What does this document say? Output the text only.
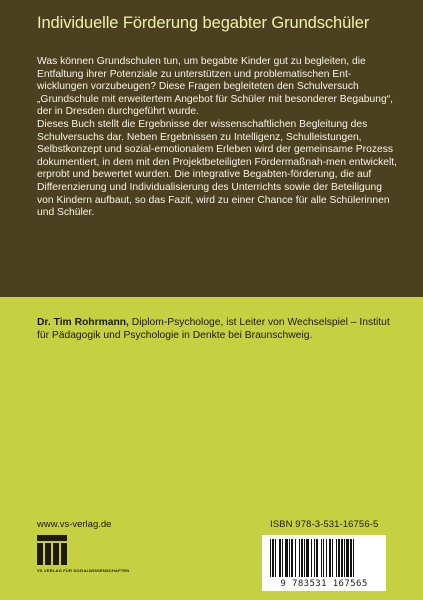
Individuelle Förderung begabter Grundschüler

Was können Grundschulen tun, um begabte Kinder gut zu begleiten, die Entfaltung ihrer Potenziale zu unterstützen und problematischen Ent-wicklungen vorzubeugen? Diese Fragen begleiteten den Schulversuch „Grundschule mit erweitertem Angebot für Schüler mit besonderer Begabung“, der in Dresden durchgeführt wurde.

Dieses Buch stellt die Ergebnisse der wissenschaftlichen Begleitung des Schulversuchs dar. Neben Ergebnissen zu Intelligenz, Schulleistungen, Selbstkonzept und sozial-emotionalem Erleben wird der gemeinsame Prozess dokumentiert, in dem mit den Projektbeteiligten Fördermaßnah-men entwickelt, erprobt und bewertet wurden. Die integrative Begabten-förderung, die auf Differenzierung und Individualisierung des Unterrichts sowie der Beteiligung von Kindern aufbaut, so das Fazit, wird zu einer Chance für alle Schülerinnen und Schüler.

Dr. Tim Rohrmann, Diplom-Psychologe, ist Leiter von Wechselspiel – Institut für Pädagogik und Psychologie in Denkte bei Braunschweig.
www.vs-verlag.de	ISBN 978-3-531-16756-5
VS VERLAG FÜR SOZIALWISSENSCHAFTEN
9 783531 167565
